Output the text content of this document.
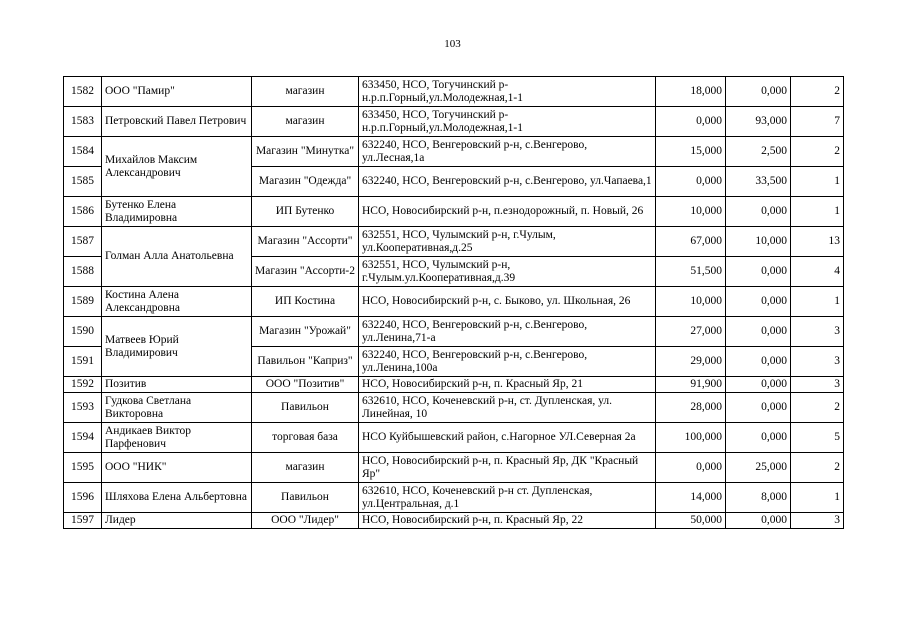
103
1582	ООО "Памир"	магазин	633450, НСО, Тогучинский р-н.р.п.Горный,ул.Молодежная,1-1	18,000	0,000	2
1583	Петровский Павел Петрович	магазин	633450, НСО, Тогучинский р-н.р.п.Горный,ул.Молодежная,1-1	0,000	93,000	7
1584	Михайлов Максим Александрович	Магазин "Минутка"	632240, НСО, Венгеровский р-н, с.Венгерово, ул.Лесная,1а	15,000	2,500	2
1585		Магазин "Одежда"	632240, НСО, Венгеровский р-н, с.Венгерово, ул.Чапаева,1	0,000	33,500	1
1586	Бутенко Елена Владимировна	ИП Бутенко	НСО, Новосибирский р-н, п.езнодорожный, п. Новый, 26	10,000	0,000	1
1587	Голман Алла Анатольевна	Магазин "Ассорти"	632551, НСО, Чулымский р-н, г.Чулым, ул.Кооперативная,д.25	67,000	10,000	13
1588		Магазин "Ассорти-2	632551, НСО, Чулымский р-н, г.Чулым.ул.Кооперативная,д.39	51,500	0,000	4
1589	Костина Алена Александровна	ИП Костина	НСО, Новосибирский р-н, с. Быково, ул. Школьная, 26	10,000	0,000	1
1590	Матвеев Юрий Владимирович	Магазин "Урожай"	632240, НСО, Венгеровский р-н, с.Венгерово, ул.Ленина,71-а	27,000	0,000	3
1591		Павильон "Каприз"	632240, НСО, Венгеровский р-н, с.Венгерово, ул.Ленина,100а	29,000	0,000	3
1592	Позитив	ООО "Позитив"	НСО, Новосибирский р-н, п. Красный Яр, 21	91,900	0,000	3
1593	Гудкова Светлана Викторовна	Павильон	632610, НСО, Коченевский р-н, ст. Дупленская, ул. Линейная, 10	28,000	0,000	2
1594	Андикаев Виктор Парфенович	торговая база	НСО Куйбышевский район, с.Нагорное УЛ.Северная 2а	100,000	0,000	5
1595	ООО "НИК"	магазин	НСО, Новосибирский р-н, п. Красный Яр, ДК "Красный Яр"	0,000	25,000	2
1596	Шляхова Елена Альбертовна	Павильон	632610, НСО, Коченевский р-н ст. Дупленская, ул.Центральная, д.1	14,000	8,000	1
1597	Лидер	ООО "Лидер"	НСО, Новосибирский р-н, п. Красный Яр, 22	50,000	0,000	3
